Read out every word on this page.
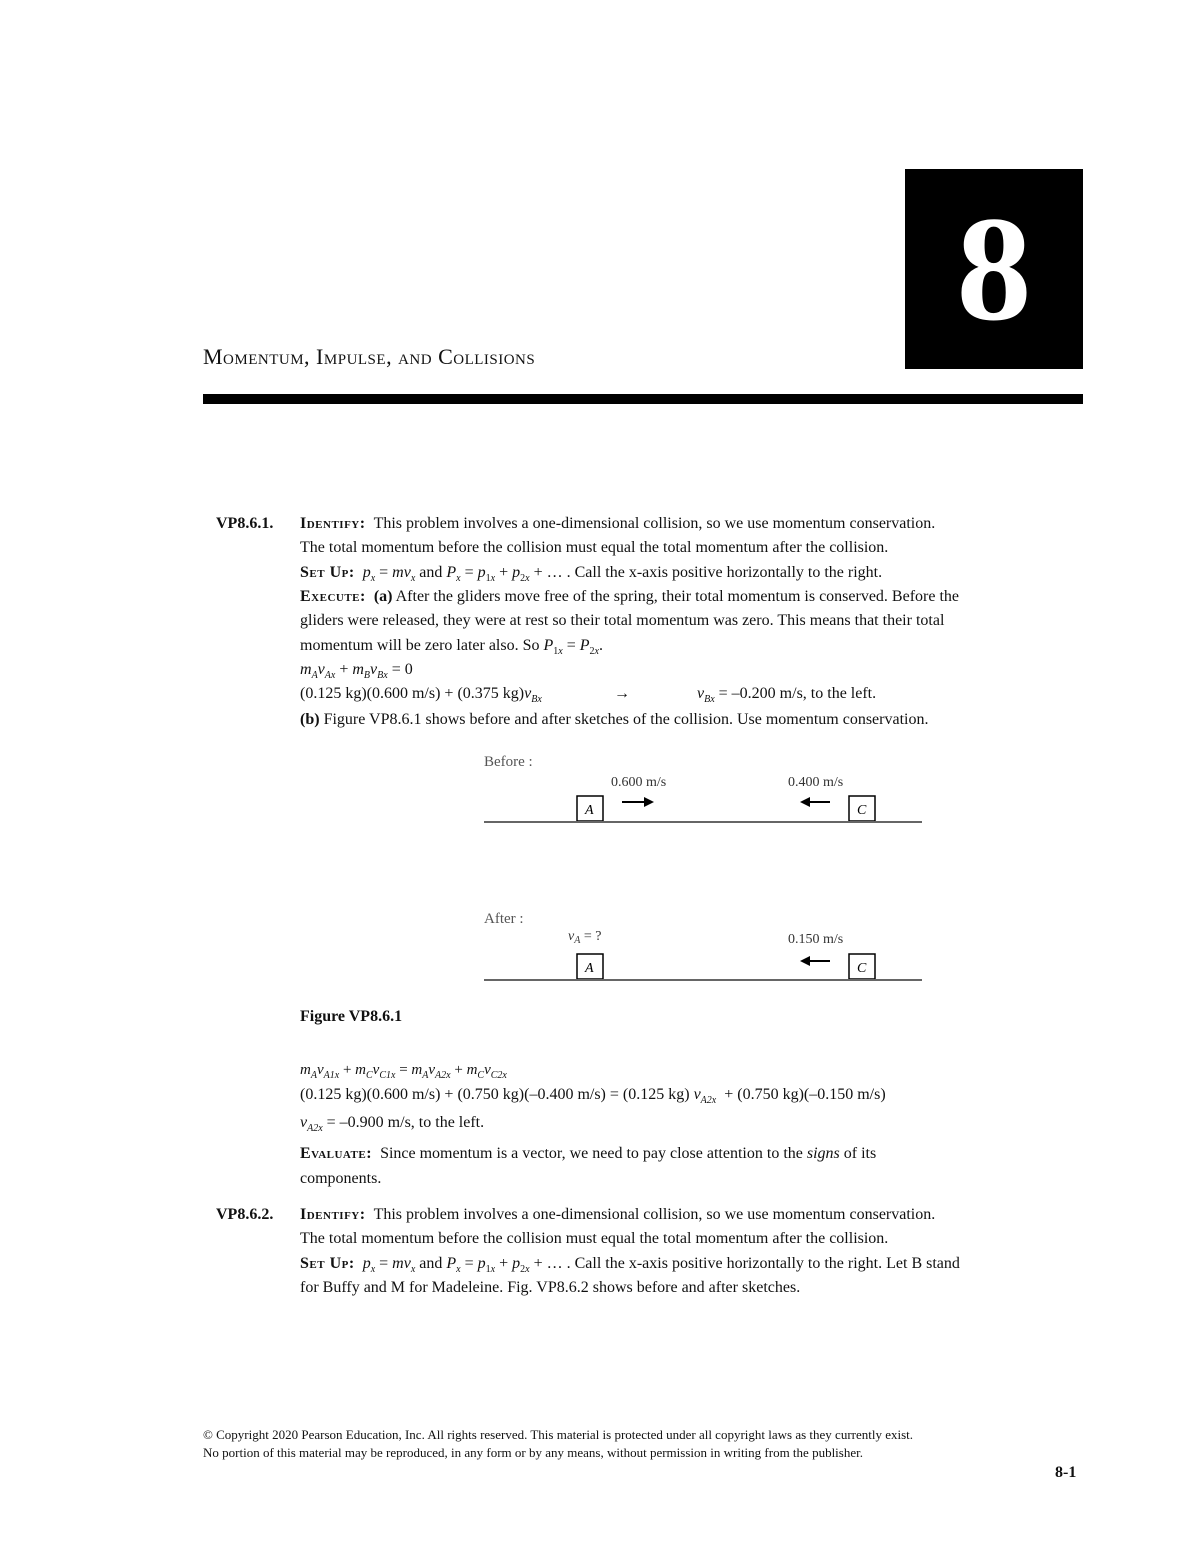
8
Momentum, Impulse, and Collisions
VP8.6.1. Identify: This problem involves a one-dimensional collision, so we use momentum conservation.
The total momentum before the collision must equal the total momentum after the collision.
Set Up: $p_x = mv_x$ and $P_x = p_{1x} + p_{2x}$ + … . Call the x-axis positive horizontally to the right.
Execute: (a) After the gliders move free of the spring, their total momentum is conserved. Before the
gliders were released, they were at rest so their total momentum was zero. This means that their total
momentum will be zero later also. So $P_{1x} = P_{2x}$.
$m_Av_{Ax} + m_Bv_{Bx} = 0$
(0.125 kg)(0.600 m/s) + (0.375 $kg)v_{Bx}$	→	$v_{Bx} = -0.200$ m/s, to the left.
(b) Figure VP8.6.1 shows before and after sketches of the collision. Use momentum conservation.
Before :
0.600 m/s	0.400 m/s
A	C
After :
$v_A$ = ?	0.150 m/s
A	C
Figure VP8.6.1
$m_Av_{A1x} + m_Cv_{C1x} = m_Av_{A2x} + m_Cv_{C2x}$
(0.125 kg)(0.600 m/s) + (0.750 kg)(–0.400 m/s) = (0.125 kg) $v_{A2x} + (0.750$ kg)(–0.150 m/s)
$v_{A2x} = -0.900$ m/s, to the left.
Evaluate: Since momentum is a vector, we need to pay close attention to the signs of its
components.
VP8.6.2. Identify: This problem involves a one-dimensional collision, so we use momentum conservation.
The total momentum before the collision must equal the total momentum after the collision.
Set Up: $p_x = mv_x$ and $P_x = p_{1x} + p_{2x}$ + … . Call the x-axis positive horizontally to the right. Let B stand
for Buffy and M for Madeleine. Fig. VP8.6.2 shows before and after sketches.
© Copyright 2020 Pearson Education, Inc. All rights reserved. This material is protected under all copyright laws as they currently exist.
No portion of this material may be reproduced, in any form or by any means, without permission in writing from the publisher.
8-1
